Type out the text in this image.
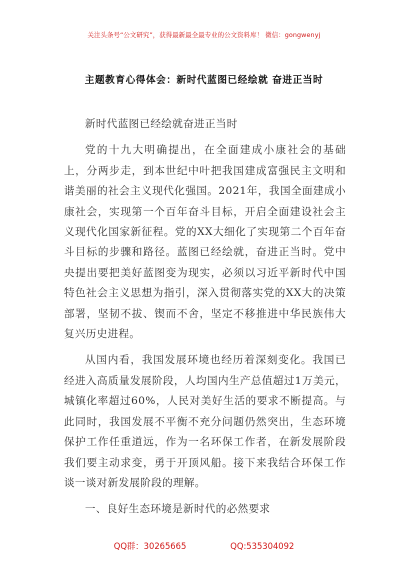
关注头条号“公文研究”，获得最新最全最专业的公文资料库！ 微信：gongwenyj
主题教育心得体会：新时代蓝图已经绘就 奋进正当时

新时代蓝图已经绘就奋进正当时

党的十九大明确提出，在全面建成小康社会的基础上，分两步走，到本世纪中叶把我国建成富强民主文明和谐美丽的社会主义现代化强国。2021年，我国全面建成小康社会，实现第一个百年奋斗目标，开启全面建设社会主义现代化国家新征程。党的XX大细化了实现第二个百年奋斗目标的步骤和路径。蓝图已经绘就，奋进正当时。党中央提出要把美好蓝图变为现实，必须以习近平新时代中国特色社会主义思想为指引，深入贯彻落实党的XX大的决策部署，坚韧不拔、锲而不舍，坚定不移推进中华民族伟大复兴历史进程。

从国内看，我国发展环境也经历着深刻变化。我国已经进入高质量发展阶段，人均国内生产总值超过1万美元，城镇化率超过60%，人民对美好生活的要求不断提高。与此同时，我国发展不平衡不充分问题仍然突出，生态环境保护工作任重道远，作为一名环保工作者，在新发展阶段我们要主动求变，勇于开顶风船。接下来我结合环保工作谈一谈对新发展阶段的理解。

一、良好生态环境是新时代的必然要求

QQ群：30265665	QQ:535304092
